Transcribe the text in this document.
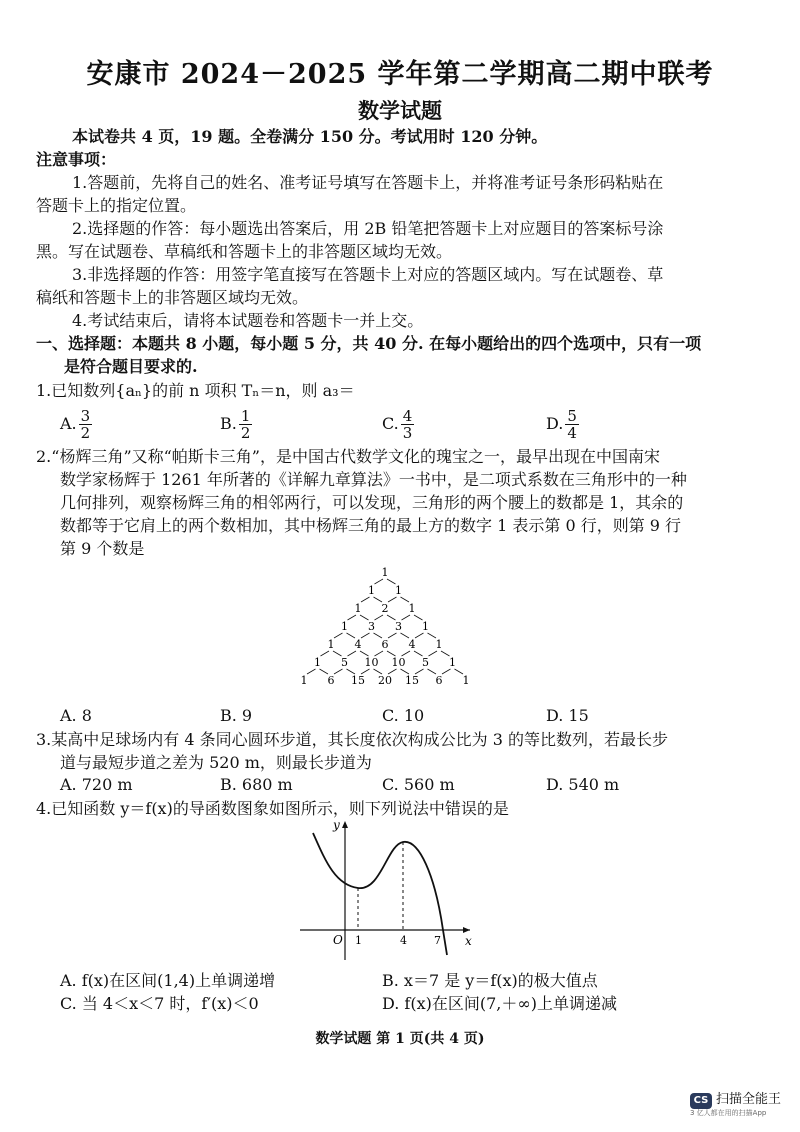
安康市 2024－2025 学年第二学期高二期中联考
数学试题
本试卷共 4 页，19 题。全卷满分 150 分。考试用时 120 分钟。
注意事项：
1.答题前，先将自己的姓名、准考证号填写在答题卡上，并将准考证号条形码粘贴在
答题卡上的指定位置。
2.选择题的作答：每小题选出答案后，用 2B 铅笔把答题卡上对应题目的答案标号涂
黑。写在试题卷、草稿纸和答题卡上的非答题区域均无效。
3.非选择题的作答：用签字笔直接写在答题卡上对应的答题区域内。写在试题卷、草
稿纸和答题卡上的非答题区域均无效。
4.考试结束后，请将本试题卷和答题卡一并上交。
一、选择题：本题共 8 小题，每小题 5 分，共 40 分. 在每小题给出的四个选项中，只有一项
是符合题目要求的.
1.已知数列{aₙ}的前 n 项积 Tₙ＝n，则 a₃＝
A. $\frac{3}{2}$	B. $\frac{1}{2}$	C. $\frac{4}{3}$	D. $\frac{5}{4}$
2.“杨辉三角”又称“帕斯卡三角”，是中国古代数学文化的瑰宝之一，最早出现在中国南宋
数学家杨辉于 1261 年所著的《详解九章算法》一书中，是二项式系数在三角形中的一种
几何排列，观察杨辉三角的相邻两行，可以发现，三角形的两个腰上的数都是 1，其余的
数都等于它肩上的两个数相加，其中杨辉三角的最上方的数字 1 表示第 0 行，则第 9 行
第 9 个数是
1
1 1
1 2 1
1 3 3 1
1 4 6 4 1
1 5 10 10 5 1
1 6 15 20 15 6 1
A. 8	B. 9	C. 10	D. 15
3.某高中足球场内有 4 条同心圆环步道，其长度依次构成公比为 3 的等比数列，若最长步
道与最短步道之差为 520 m，则最长步道为
A. 720 m	B. 680 m	C. 560 m	D. 540 m
4.已知函数 y＝f(x)的导函数图象如图所示，则下列说法中错误的是
y
x
O 1	4 7
A. f(x)在区间(1,4)上单调递增	B. x＝7 是 y＝f(x)的极大值点
C. 当 4＜x＜7 时，f′(x)＜0	D. f(x)在区间(7,＋∞)上单调递减
数学试题 第 1 页(共 4 页)
CS 扫描全能王
3 亿人都在用的扫描App
